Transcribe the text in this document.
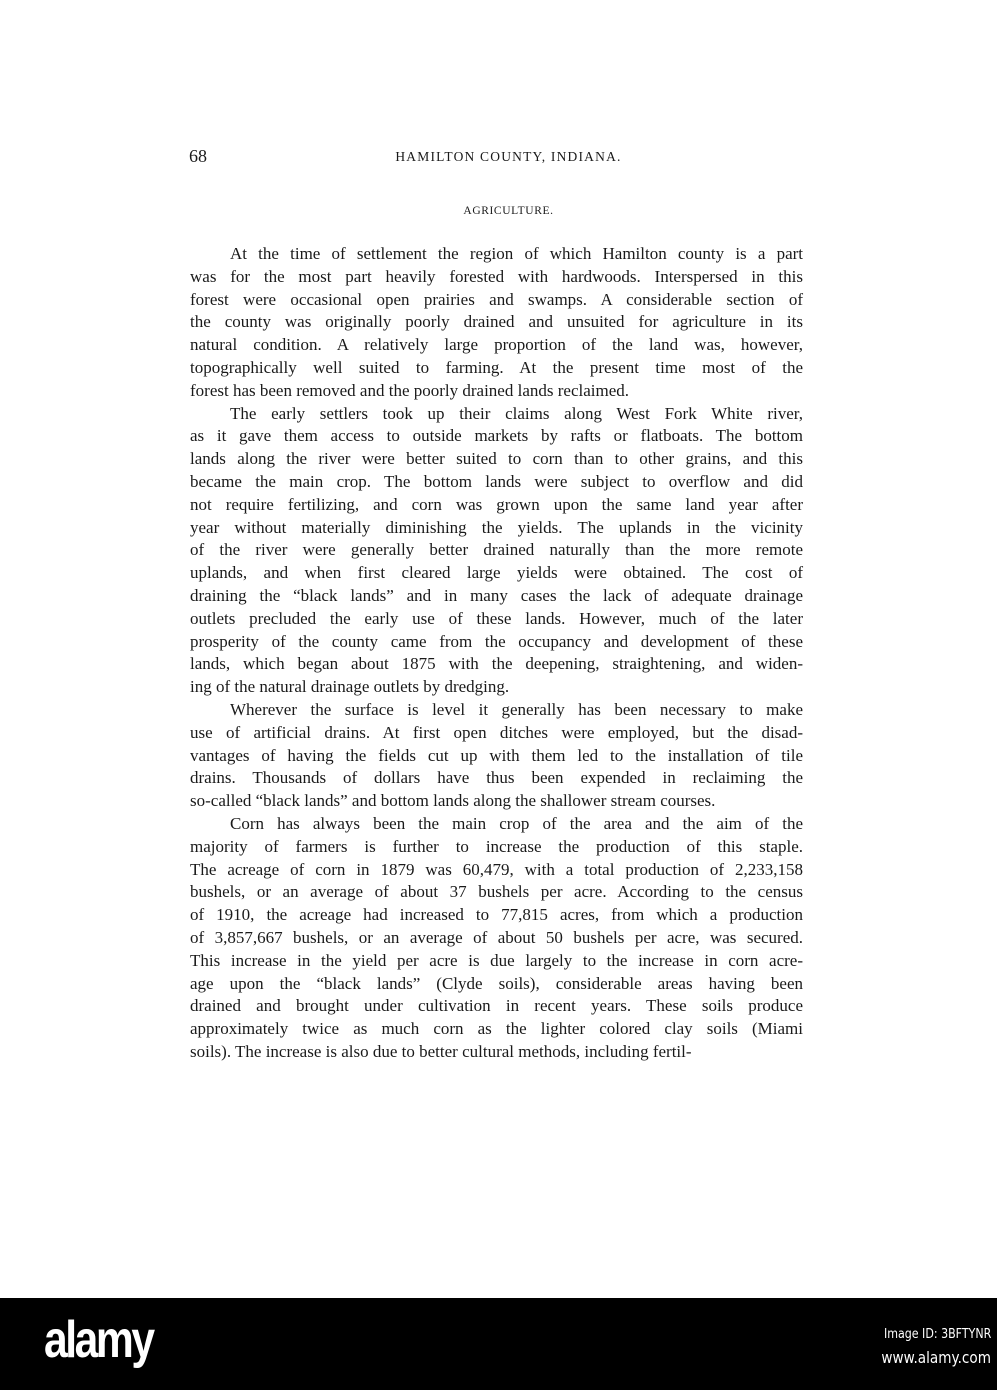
68	HAMILTON COUNTY, INDIANA.
AGRICULTURE.
At the time of settlement the region of which Hamilton county is a part
was for the most part heavily forested with hardwoods. Interspersed in this
forest were occasional open prairies and swamps. A considerable section of
the county was originally poorly drained and unsuited for agriculture in its
natural condition. A relatively large proportion of the land was, however,
topographically well suited to farming. At the present time most of the
forest has been removed and the poorly drained lands reclaimed.
The early settlers took up their claims along West Fork White river,
as it gave them access to outside markets by rafts or flatboats. The bottom
lands along the river were better suited to corn than to other grains, and this
became the main crop. The bottom lands were subject to overflow and did
not require fertilizing, and corn was grown upon the same land year after
year without materially diminishing the yields. The uplands in the vicinity
of the river were generally better drained naturally than the more remote
uplands, and when first cleared large yields were obtained. The cost of
draining the “black lands” and in many cases the lack of adequate drainage
outlets precluded the early use of these lands. However, much of the later
prosperity of the county came from the occupancy and development of these
lands, which began about 1875 with the deepening, straightening, and widen-
ing of the natural drainage outlets by dredging.
Wherever the surface is level it generally has been necessary to make
use of artificial drains. At first open ditches were employed, but the disad-
vantages of having the fields cut up with them led to the installation of tile
drains. Thousands of dollars have thus been expended in reclaiming the
so-called “black lands” and bottom lands along the shallower stream courses.
Corn has always been the main crop of the area and the aim of the
majority of farmers is further to increase the production of this staple.
The acreage of corn in 1879 was 60,479, with a total production of 2,233,158
bushels, or an average of about 37 bushels per acre. According to the census
of 1910, the acreage had increased to 77,815 acres, from which a production
of 3,857,667 bushels, or an average of about 50 bushels per acre, was secured.
This increase in the yield per acre is due largely to the increase in corn acre-
age upon the “black lands” (Clyde soils), considerable areas having been
drained and brought under cultivation in recent years. These soils produce
approximately twice as much corn as the lighter colored clay soils (Miami
soils). The increase is also due to better cultural methods, including fertil-
alamy	Image ID: 3BFTYNR
www.alamy.com
